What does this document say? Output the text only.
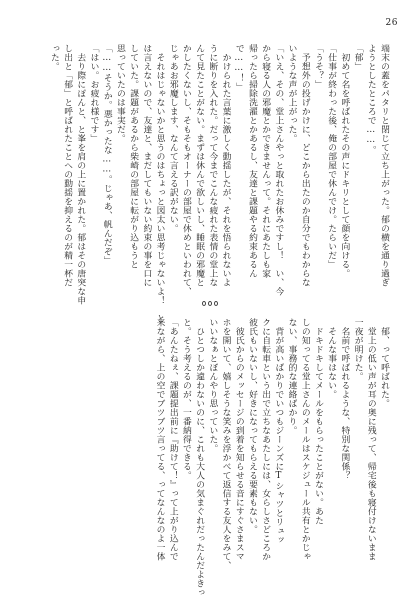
26

端末の蓋をパタリと閉じて立ち上がった。郁の横を通り過ぎ

ようとしたところで……。

「郁」

　初めて名を呼ばれたその声にドキリとして顔を向ける。

「仕事が終わった後、俺の部屋で休んでけ。たらいだ」

「うそ？」

　予想外の投げかけに、どこから出たのか自分でもわからな

いような声が上がった。

「いえ、その、堂上さんやっと取れたお休みですし！　い、今

から寝る人の邪魔とかできませんって。それにあたしも家

帰ったら掃除洗濯とかあるし、友達と課題やる約束あるん

で……！」

　かけられた言葉に激しく動揺したが、それを悟られないよ

うに断りを入れた。だって今までこんな疲れた表情の堂上な

んて見たことがない。まずは休んで欲しいし、睡眠の邪魔と

かしたくないし、そもそもオーナーの部屋で休めといわれて、

じゃあお邪魔します、なんて言える訳がない。

　それはじゃないかと思うのはちょっと図太い思考じゃないよ！　と

は言えないので、友達と、まだしてもいない約束の事を口に

していた。課題があるから柴崎の部屋に転がり込もうと

思っていたのは事実だ。

「……そうか。悪かったな……。じゃあ、帆んだぞ」

「はい。お疲れ様です」

　去り際にぽんと、と峯を肩の上に置かれた。郁はその唐突な申

し出と「郁」と呼ばれたことへの動揺を抑えるのが精一杯だ

った。

　郁、って呼ばれた。

　堂上の低い声が耳の奥に残って、帰宅後も寝付けないまま

一夜が明けた。

　名前で呼ばれるような、特別な関係？

　そんな事はない。

　ドキドキしてメールをもらったことがない。あた

しの知ってる堂上さんのメールはスケジュール共有とかじゃ

ない、事務的な連絡ばかり。

　背が高いばかりでいつもジーンズにTシャツとリュッ

クに自転車という出で立ちなあたしには、女らしさどころか

彼氏もいないし、好きになってもらえる要素もない。

　彼氏からのメッセージの到着を知らせる音にすぐさまスマ

ホを開いて、嬉しそうな笑みを浮かべて返信する友人をみて、

いいなぁとぼんやり思っていた。

　ひとつしか違わないのに、これも大人の気まぐれだったんだよきっ

と。そう考えるのが、一番納得できる。

「あんたねぇ、課題提出前に『助けて！』って上がり込んで

来ながら、上の空でブツブツ言ってる、ってなんなのよ一体
